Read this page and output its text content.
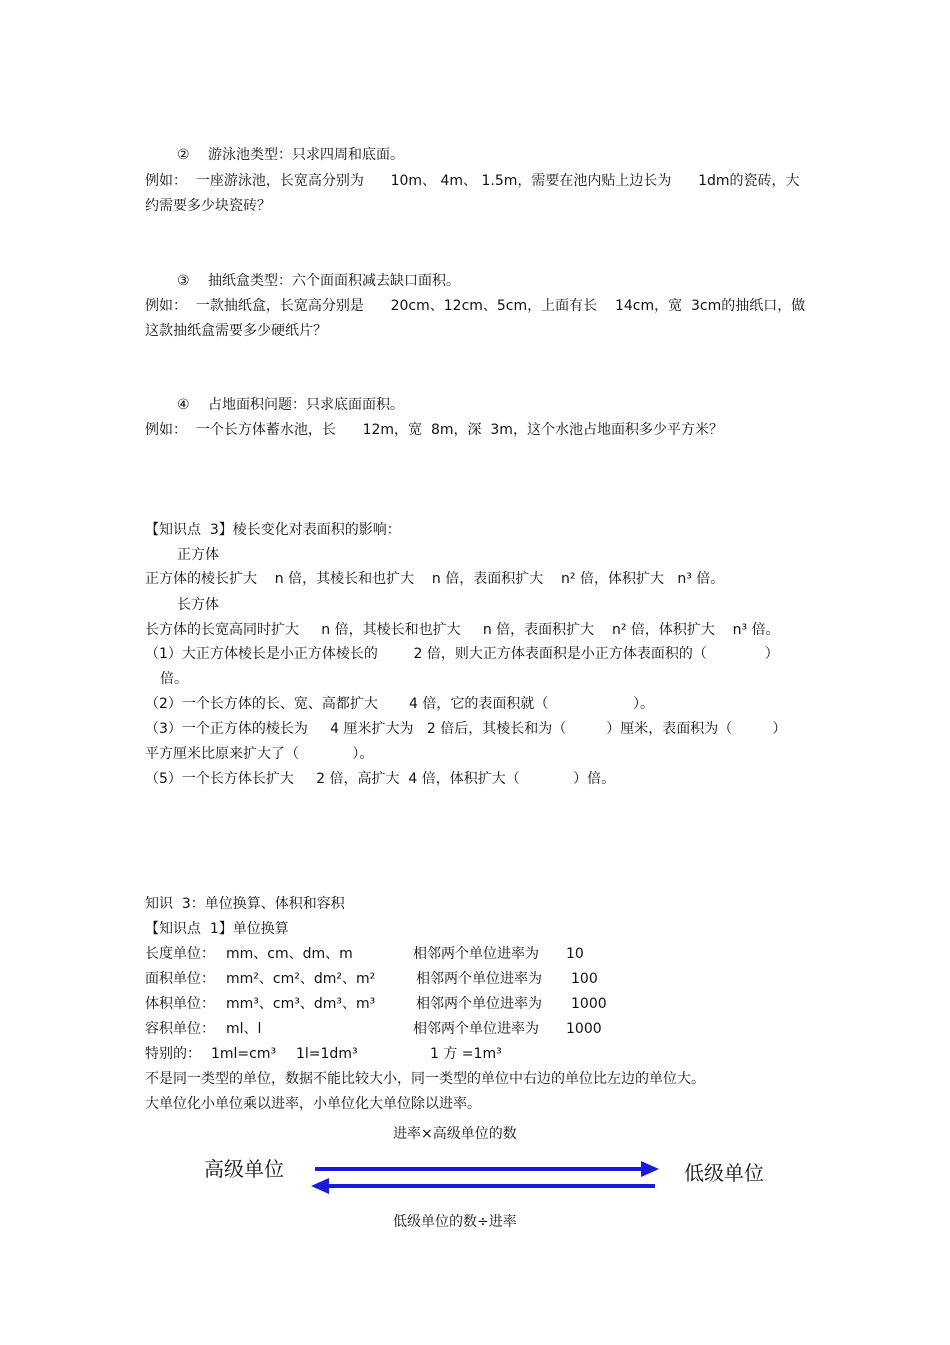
②　 游泳池类型：只求四周和底面。
例如：  一座游泳池，长宽高分别为      10m、 4m、 1.5m，需要在池内贴上边长为      1dm的瓷砖，大
约需要多少块瓷砖？
③　 抽纸盒类型：六个面面积减去缺口面积。
例如：  一款抽纸盒，长宽高分别是      20cm、12cm、5cm，上面有长    14cm，宽  3cm的抽纸口，做
这款抽纸盒需要多少硬纸片？
④　 占地面积问题：只求底面面积。
例如：  一个长方体蓄水池，长      12m，宽  8m，深  3m，这个水池占地面积多少平方米？
【知识点  3】棱长变化对表面积的影响：
正方体
正方体的棱长扩大    n 倍，其棱长和也扩大    n 倍，表面积扩大    n² 倍，体积扩大   n³ 倍。
长方体
长方体的长宽高同时扩大     n 倍，其棱长和也扩大     n 倍，表面积扩大    n² 倍，体积扩大    n³ 倍。
（1）大正方体棱长是小正方体棱长的        2 倍，则大正方体表面积是小正方体表面积的（             ）
倍。
（2）一个长方体的长、宽、高都扩大       4 倍，它的表面积就（                   ）。
（3）一个正方体的棱长为     4 厘米扩大为   2 倍后，其棱长和为（         ）厘米，表面积为（         ）
平方厘米比原来扩大了（            ）。
（5）一个长方体长扩大     2 倍，高扩大  4 倍，体积扩大（            ）倍。
知识  3：单位换算、体积和容积
【知识点  1】单位换算
长度单位： mm、cm、dm、m	相邻两个单位进率为 10
面积单位： mm²、cm²、dm²、m²	相邻两个单位进率为 100
体积单位： mm³、cm³、dm³、m³	相邻两个单位进率为 1000
容积单位： ml、l	相邻两个单位进率为 1000
特别的： 1ml=cm³ 1l=1dm³	1 方 =1m³
不是同一类型的单位，数据不能比较大小，同一类型的单位中右边的单位比左边的单位大。
大单位化小单位乘以进率，小单位化大单位除以进率。
进率×高级单位的数
高级单位	低级单位
低级单位的数÷进率
